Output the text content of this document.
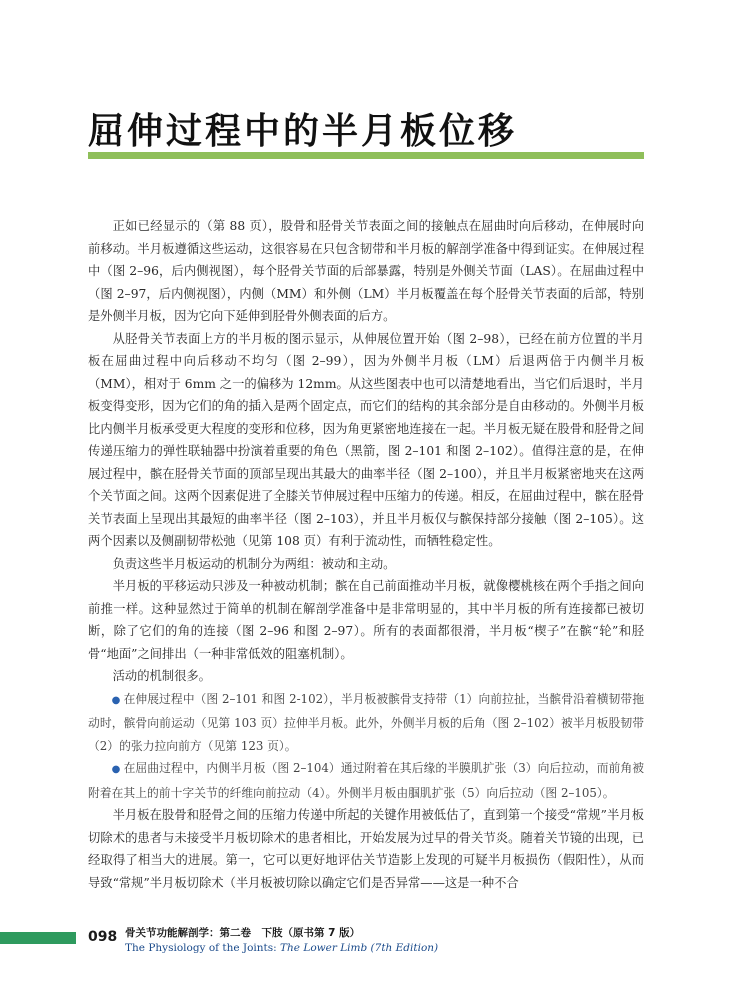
屈伸过程中的半月板位移

正如已经显示的（第 88 页），股骨和胫骨关节表面之间的接触点在屈曲时向后移动，在伸展时向前移动。半月板遵循这些运动，这很容易在只包含韧带和半月板的解剖学准备中得到证实。在伸展过程中（图 2–96，后内侧视图），每个胫骨关节面的后部暴露，特别是外侧关节面（LAS）。在屈曲过程中（图 2–97，后内侧视图），内侧（MM）和外侧（LM）半月板覆盖在每个胫骨关节表面的后部，特别是外侧半月板，因为它向下延伸到胫骨外侧表面的后方。

从胫骨关节表面上方的半月板的图示显示，从伸展位置开始（图 2–98），已经在前方位置的半月板在屈曲过程中向后移动不均匀（图 2–99），因为外侧半月板（LM）后退两倍于内侧半月板（MM），相对于 6mm 之一的偏移为 12mm。从这些图表中也可以清楚地看出，当它们后退时，半月板变得变形，因为它们的角的插入是两个固定点，而它们的结构的其余部分是自由移动的。外侧半月板比内侧半月板承受更大程度的变形和位移，因为角更紧密地连接在一起。半月板无疑在股骨和胫骨之间传递压缩力的弹性联轴器中扮演着重要的角色（黑箭，图 2–101 和图 2–102）。值得注意的是，在伸展过程中，髌在胫骨关节面的顶部呈现出其最大的曲率半径（图 2–100），并且半月板紧密地夹在这两个关节面之间。这两个因素促进了全膝关节伸展过程中压缩力的传递。相反，在屈曲过程中，髌在胫骨关节表面上呈现出其最短的曲率半径（图 2–103），并且半月板仅与髌保持部分接触（图 2–105）。这两个因素以及侧副韧带松弛（见第 108 页）有利于流动性，而牺牲稳定性。

负责这些半月板运动的机制分为两组：被动和主动。

半月板的平移运动只涉及一种被动机制；髌在自己前面推动半月板，就像樱桃核在两个手指之间向前推一样。这种显然过于简单的机制在解剖学准备中是非常明显的，其中半月板的所有连接都已被切断，除了它们的角的连接（图 2–96 和图 2–97）。所有的表面都很滑，半月板“楔子”在髌“轮”和胫骨“地面”之间排出（一种非常低效的阻塞机制）。

活动的机制很多。

● 在伸展过程中（图 2–101 和图 2-102），半月板被髌骨支持带（1）向前拉扯，当髌骨沿着横韧带拖动时，髌骨向前运动（见第 103 页）拉伸半月板。此外，外侧半月板的后角（图 2–102）被半月板股韧带（2）的张力拉向前方（见第 123 页）。

● 在屈曲过程中，内侧半月板（图 2–104）通过附着在其后缘的半膜肌扩张（3）向后拉动，而前角被附着在其上的前十字关节的纤维向前拉动（4）。外侧半月板由腘肌扩张（5）向后拉动（图 2–105）。

半月板在股骨和胫骨之间的压缩力传递中所起的关键作用被低估了，直到第一个接受“常规”半月板切除术的患者与未接受半月板切除术的患者相比，开始发展为过早的骨关节炎。随着关节镜的出现，已经取得了相当大的进展。第一，它可以更好地评估关节造影上发现的可疑半月板损伤（假阳性），从而导致“常规”半月板切除术（半月板被切除以确定它们是否异常——这是一种不合

098 骨关节功能解剖学：第二卷　下肢（原书第 7 版）
The Physiology of the Joints: The Lower Limb (7th Edition)
